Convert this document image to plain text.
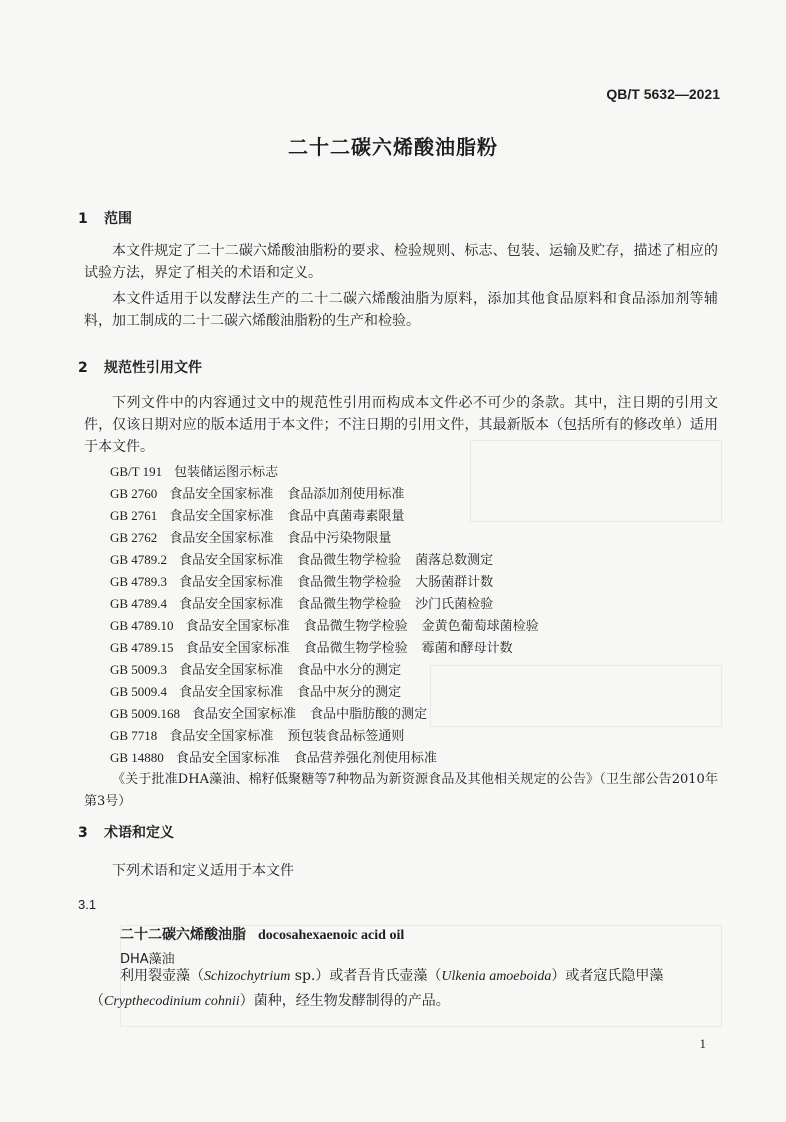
QB/T 5632—2021
二十二碳六烯酸油脂粉
1 范围
本文件规定了二十二碳六烯酸油脂粉的要求、检验规则、标志、包装、运输及贮存，描述了相应的试验方法，界定了相关的术语和定义。
本文件适用于以发酵法生产的二十二碳六烯酸油脂为原料，添加其他食品原料和食品添加剂等辅料，加工制成的二十二碳六烯酸油脂粉的生产和检验。
2 规范性引用文件
下列文件中的内容通过文中的规范性引用而构成本文件必不可少的条款。其中，注日期的引用文件，仅该日期对应的版本适用于本文件；不注日期的引用文件，其最新版本（包括所有的修改单）适用于本文件。
GB/T 191 包装储运图示标志
GB 2760 食品安全国家标准 食品添加剂使用标准
GB 2761 食品安全国家标准 食品中真菌毒素限量
GB 2762 食品安全国家标准 食品中污染物限量
GB 4789.2 食品安全国家标准 食品微生物学检验 菌落总数测定
GB 4789.3 食品安全国家标准 食品微生物学检验 大肠菌群计数
GB 4789.4 食品安全国家标准 食品微生物学检验 沙门氏菌检验
GB 4789.10 食品安全国家标准 食品微生物学检验 金黄色葡萄球菌检验
GB 4789.15 食品安全国家标准 食品微生物学检验 霉菌和酵母计数
GB 5009.3 食品安全国家标准 食品中水分的测定
GB 5009.4 食品安全国家标准 食品中灰分的测定
GB 5009.168 食品安全国家标准 食品中脂肪酸的测定
GB 7718 食品安全国家标准 预包装食品标签通则
GB 14880 食品安全国家标准 食品营养强化剂使用标准
《关于批准DHA藻油、棉籽低聚糖等7种物品为新资源食品及其他相关规定的公告》（卫生部公告2010年第3号）
3 术语和定义
下列术语和定义适用于本文件
3.1
二十二碳六烯酸油脂 docosahexaenoic acid oil
DHA藻油
利用裂壶藻（Schizochytrium sp.）或者吾肯氏壶藻（Ulkenia amoeboida）或者寇氏隐甲藻（Crypthecodinium cohnii）菌种，经生物发酵制得的产品。
1
